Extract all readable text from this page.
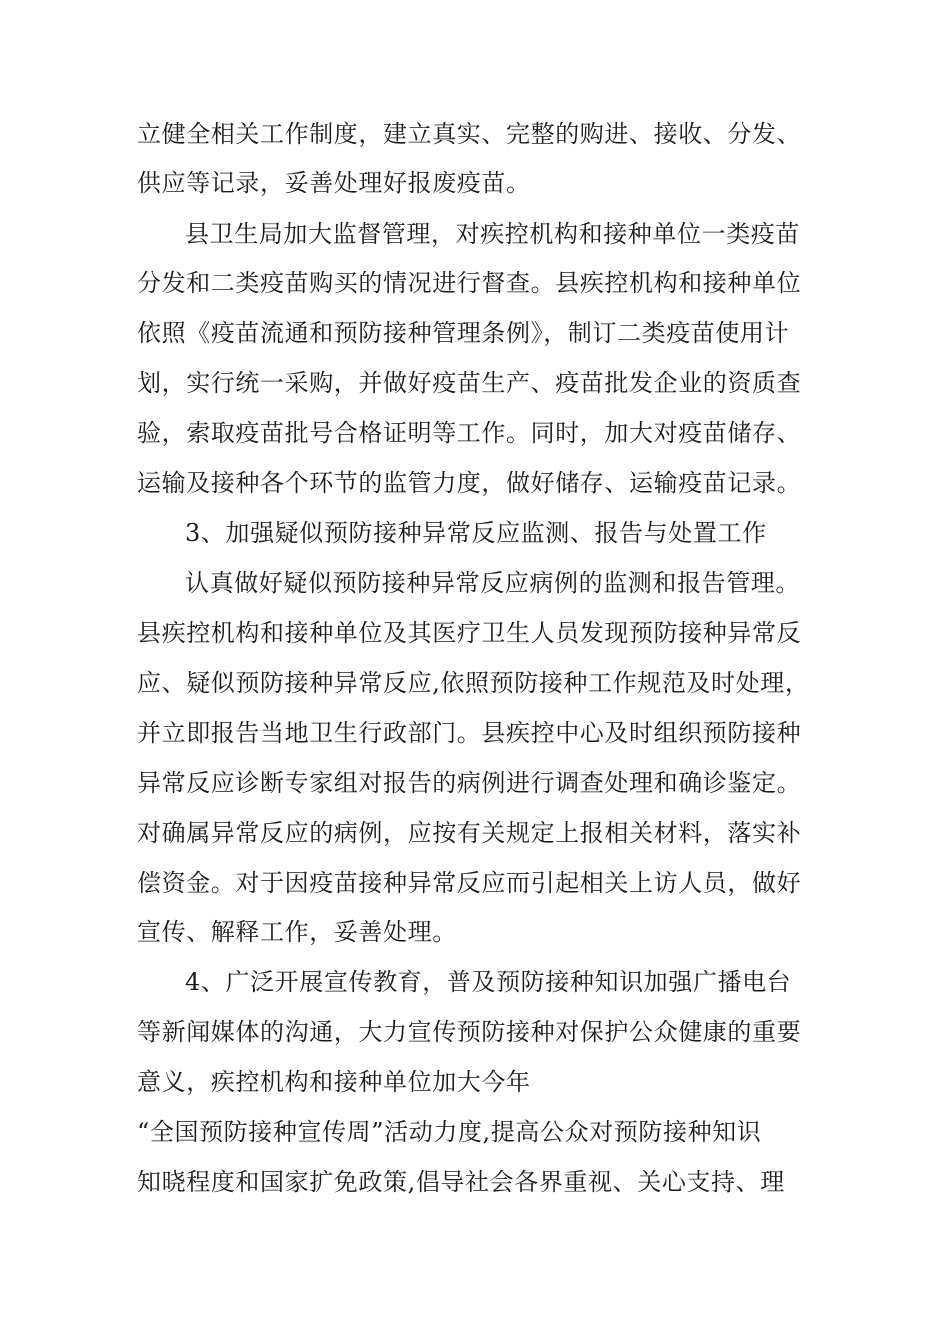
立健全相关工作制度，建立真实、完整的购进、接收、分发、
供应等记录，妥善处理好报废疫苗。
县卫生局加大监督管理，对疾控机构和接种单位一类疫苗
分发和二类疫苗购买的情况进行督查。县疾控机构和接种单位
依照《疫苗流通和预防接种管理条例》，制订二类疫苗使用计
划，实行统一采购，并做好疫苗生产、疫苗批发企业的资质查
验，索取疫苗批号合格证明等工作。同时，加大对疫苗储存、
运输及接种各个环节的监管力度，做好储存、运输疫苗记录。
3、加强疑似预防接种异常反应监测、报告与处置工作
认真做好疑似预防接种异常反应病例的监测和报告管理。
县疾控机构和接种单位及其医疗卫生人员发现预防接种异常反
应、疑似预防接种异常反应,依照预防接种工作规范及时处理，
并立即报告当地卫生行政部门。县疾控中心及时组织预防接种
异常反应诊断专家组对报告的病例进行调查处理和确诊鉴定。
对确属异常反应的病例，应按有关规定上报相关材料，落实补
偿资金。对于因疫苗接种异常反应而引起相关上访人员，做好
宣传、解释工作，妥善处理。
4、广泛开展宣传教育，普及预防接种知识加强广播电台
等新闻媒体的沟通，大力宣传预防接种对保护公众健康的重要
意义，疾控机构和接种单位加大今年
“全国预防接种宣传周”活动力度,提高公众对预防接种知识
知晓程度和国家扩免政策,倡导社会各界重视、关心支持、理
